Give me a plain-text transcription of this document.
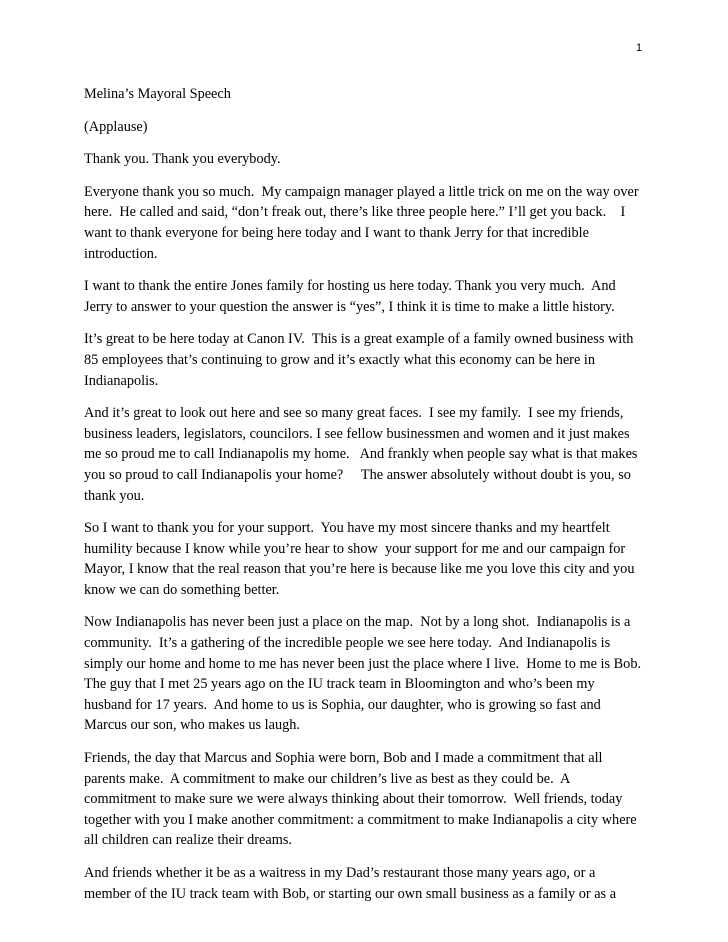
1

Melina’s Mayoral Speech

(Applause)

Thank you. Thank you everybody.

Everyone thank you so much.  My campaign manager played a little trick on me on the way over
here.  He called and said, “don’t freak out, there’s like three people here.” I’ll get you back.    I
want to thank everyone for being here today and I want to thank Jerry for that incredible
introduction.

I want to thank the entire Jones family for hosting us here today. Thank you very much.  And
Jerry to answer to your question the answer is “yes”, I think it is time to make a little history.

It’s great to be here today at Canon IV.  This is a great example of a family owned business with
85 employees that’s continuing to grow and it’s exactly what this economy can be here in
Indianapolis.

And it’s great to look out here and see so many great faces.  I see my family.  I see my friends,
business leaders, legislators, councilors. I see fellow businessmen and women and it just makes
me so proud me to call Indianapolis my home.   And frankly when people say what is that makes
you so proud to call Indianapolis your home?     The answer absolutely without doubt is you, so
thank you.

So I want to thank you for your support.  You have my most sincere thanks and my heartfelt
humility because I know while you’re hear to show  your support for me and our campaign for
Mayor, I know that the real reason that you’re here is because like me you love this city and you
know we can do something better.

Now Indianapolis has never been just a place on the map.  Not by a long shot.  Indianapolis is a
community.  It’s a gathering of the incredible people we see here today.  And Indianapolis is
simply our home and home to me has never been just the place where I live.  Home to me is Bob.
The guy that I met 25 years ago on the IU track team in Bloomington and who’s been my
husband for 17 years.  And home to us is Sophia, our daughter, who is growing so fast and
Marcus our son, who makes us laugh.

Friends, the day that Marcus and Sophia were born, Bob and I made a commitment that all
parents make.  A commitment to make our children’s live as best as they could be.  A
commitment to make sure we were always thinking about their tomorrow.  Well friends, today
together with you I make another commitment: a commitment to make Indianapolis a city where
all children can realize their dreams.

And friends whether it be as a waitress in my Dad’s restaurant those many years ago, or a
member of the IU track team with Bob, or starting our own small business as a family or as a
